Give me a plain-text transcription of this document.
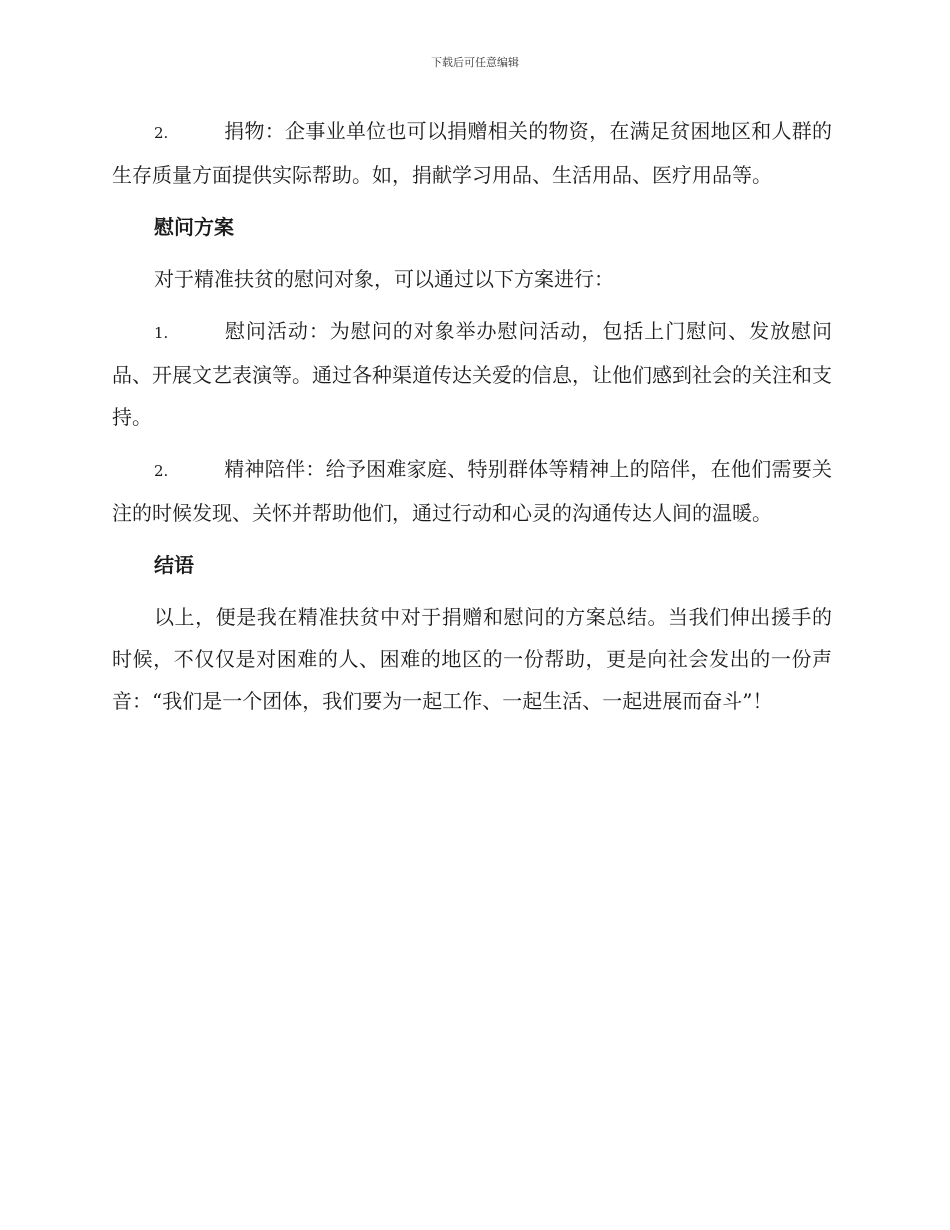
下载后可任意编辑

2.	捐物：企事业单位也可以捐赠相关的物资，在满足贫困地区和人群的生存质量方面提供实际帮助。如，捐献学习用品、生活用品、医疗用品等。

慰问方案

对于精准扶贫的慰问对象，可以通过以下方案进行：

1.	慰问活动：为慰问的对象举办慰问活动，包括上门慰问、发放慰问品、开展文艺表演等。通过各种渠道传达关爱的信息，让他们感到社会的关注和支持。

2.	精神陪伴：给予困难家庭、特别群体等精神上的陪伴，在他们需要关注的时候发现、关怀并帮助他们，通过行动和心灵的沟通传达人间的温暖。

结语

以上，便是我在精准扶贫中对于捐赠和慰问的方案总结。当我们伸出援手的时候，不仅仅是对困难的人、困难的地区的一份帮助，更是向社会发出的一份声音：“我们是一个团体，我们要为一起工作、一起生活、一起进展而奋斗”！
